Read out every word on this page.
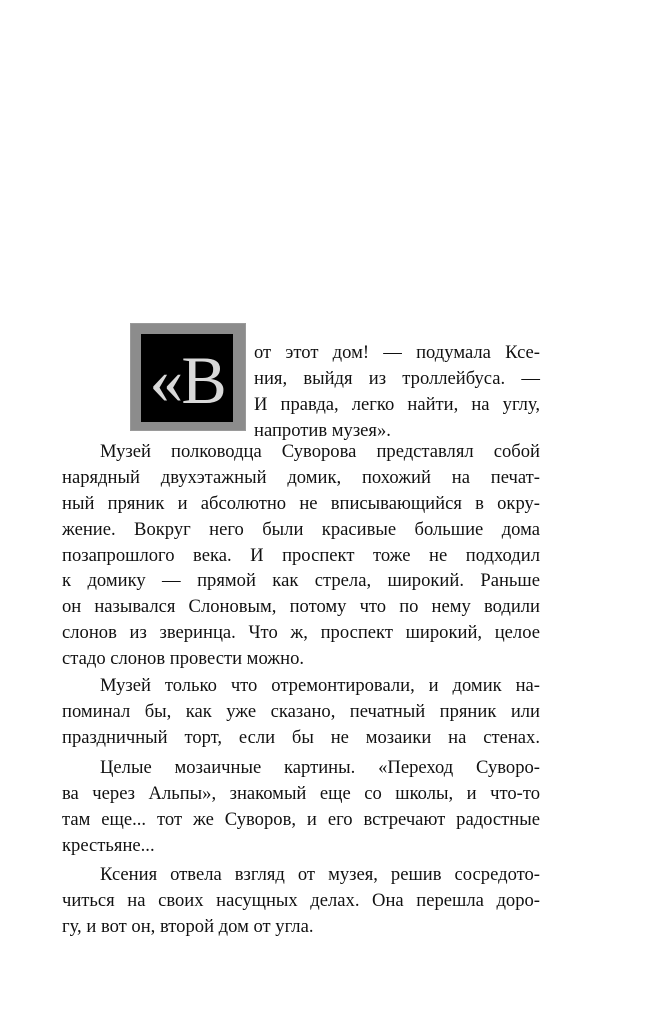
«В от этот дом! — подумала Ксе-
ния, выйдя из троллейбуса. —
И правда, легко найти, на углу,
напротив музея».
Музей полководца Суворова представлял собой
нарядный двухэтажный домик, похожий на печат-
ный пряник и абсолютно не вписывающийся в окру-
жение. Вокруг него были красивые большие дома
позапрошлого века. И проспект тоже не подходил
к домику — прямой как стрела, широкий. Раньше
он назывался Слоновым, потому что по нему водили
слонов из зверинца. Что ж, проспект широкий, целое
стадо слонов провести можно.
Музей только что отремонтировали, и домик на-
поминал бы, как уже сказано, печатный пряник или
праздничный торт, если бы не мозаики на стенах.
Целые мозаичные картины. «Переход Суворо-
ва через Альпы», знакомый еще со школы, и что-то
там еще... тот же Суворов, и его встречают радостные
крестьяне...
Ксения отвела взгляд от музея, решив сосредото-
читься на своих насущных делах. Она перешла доро-
гу, и вот он, второй дом от угла.
